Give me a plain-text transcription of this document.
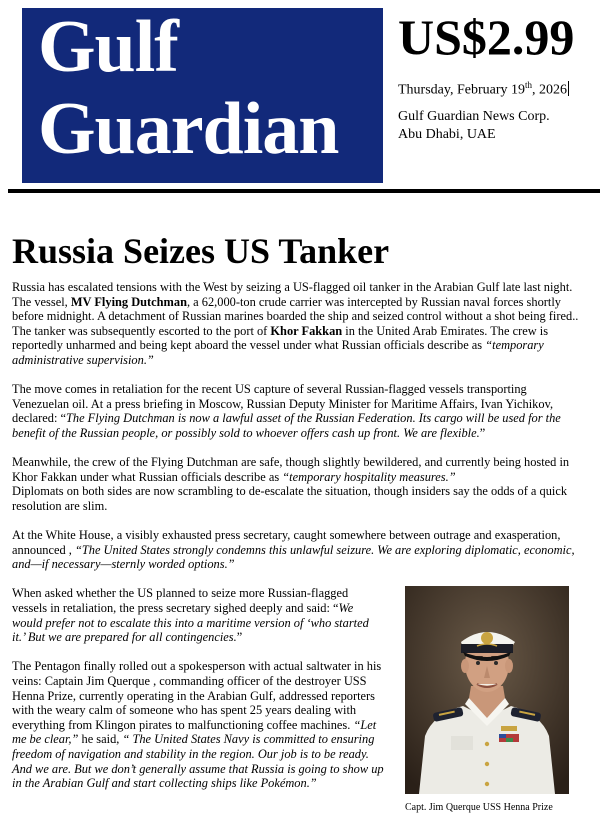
Gulf
Guardian
US$2.99
Thursday, February 19th, 2026
Gulf Guardian News Corp.
Abu Dhabi, UAE
Russia Seizes US Tanker

Russia has escalated tensions with the West by seizing a US-flagged oil tanker in the Arabian Gulf late last night.

The vessel, MV Flying Dutchman, a 62,000-ton crude carrier was intercepted by Russian naval forces shortly before midnight. A detachment of Russian marines boarded the ship and seized control without a shot being fired.. The tanker was subsequently escorted to the port of Khor Fakkan in the United Arab Emirates. The crew is reportedly unharmed and being kept aboard the vessel under what Russian officials describe as “temporary administrative supervision.”

The move comes in retaliation for the recent US capture of several Russian-flagged vessels transporting Venezuelan oil. At a press briefing in Moscow, Russian Deputy Minister for Maritime Affairs, Ivan Yichikov, declared: “The Flying Dutchman is now a lawful asset of the Russian Federation. Its cargo will be used for the benefit of the Russian people, or possibly sold to whoever offers cash up front. We are flexible.”

Meanwhile, the crew of the Flying Dutchman are safe, though slightly bewildered, and currently being hosted in Khor Fakkan under what Russian officials describe as “temporary hospitality measures.”

Diplomats on both sides are now scrambling to de-escalate the situation, though insiders say the odds of a quick resolution are slim.

At the White House, a visibly exhausted press secretary, caught somewhere between outrage and exasperation, announced , “The United States strongly condemns this unlawful seizure. We are exploring diplomatic, economic, and—if necessary—sternly worded options.”

When asked whether the US planned to seize more Russian-flagged vessels in retaliation, the press secretary sighed deeply and said: “We would prefer not to escalate this into a maritime version of ‘who started it.’ But we are prepared for all contingencies.”

The Pentagon finally rolled out a spokesperson with actual saltwater in his veins: Captain Jim Querque , commanding officer of the destroyer USS Henna Prize, currently operating in the Arabian Gulf, addressed reporters with the weary calm of someone who has spent 25 years dealing with everything from Klingon pirates to malfunctioning coffee machines. “Let me be clear,” he said, “ The United States Navy is committed to ensuring freedom of navigation and stability in the region. Our job is to be ready. And we are. But we don’t generally assume that Russia is going to show up in the Arabian Gulf and start collecting ships like Pokémon.”

Capt. Jim Querque USS Henna Prize
